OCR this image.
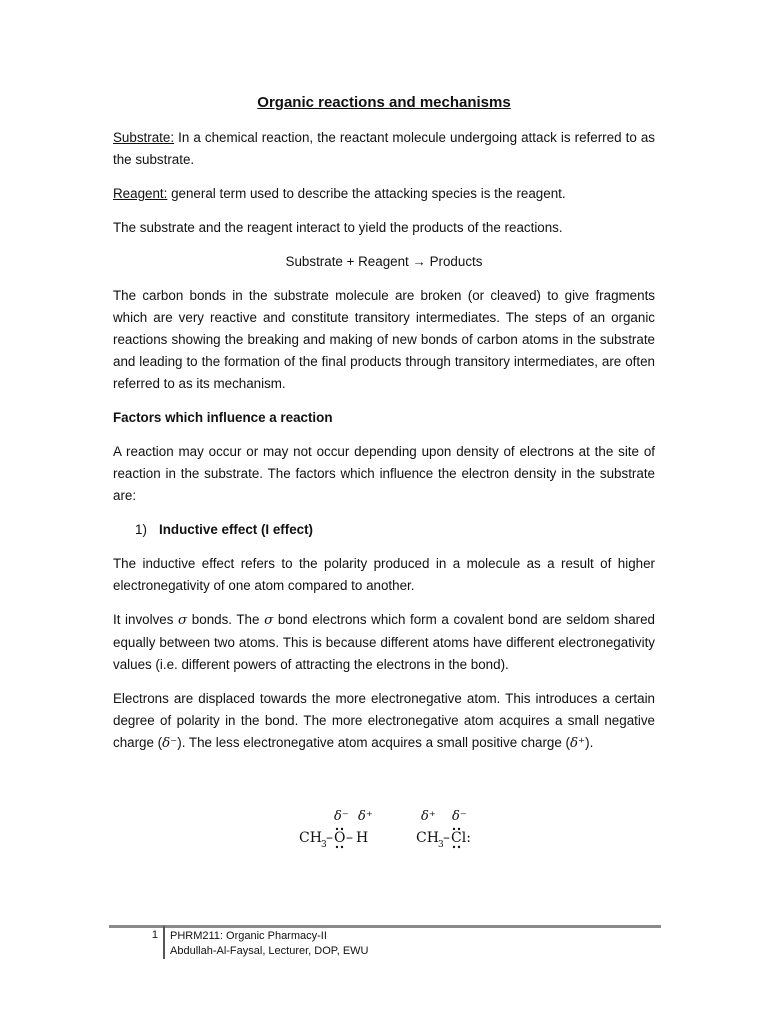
Organic reactions and mechanisms

Substrate: In a chemical reaction, the reactant molecule undergoing attack is referred to as the substrate.

Reagent: general term used to describe the attacking species is the reagent.

The substrate and the reagent interact to yield the products of the reactions.

Substrate + Reagent → Products

The carbon bonds in the substrate molecule are broken (or cleaved) to give fragments which are very reactive and constitute transitory intermediates. The steps of an organic reactions showing the breaking and making of new bonds of carbon atoms in the substrate and leading to the formation of the final products through transitory intermediates, are often referred to as its mechanism.

Factors which influence a reaction

A reaction may occur or may not occur depending upon density of electrons at the site of reaction in the substrate. The factors which influence the electron density in the substrate are:

1) Inductive effect (I effect)

The inductive effect refers to the polarity produced in a molecule as a result of higher electronegativity of one atom compared to another.

It involves σ bonds. The σ bond electrons which form a covalent bond are seldom shared equally between two atoms. This is because different atoms have different electronegativity values (i.e. different powers of attracting the electrons in the bond).

Electrons are displaced towards the more electronegative atom. This introduces a certain degree of polarity in the bond. The more electronegative atom acquires a small negative charge (δ⁻). The less electronegative atom acquires a small positive charge (δ⁺).

δ⁻ δ⁺
CH 3 – O – H
δ⁺ δ⁻
CH 3 – Cl:
1 PHRM211: Organic Pharmacy-II
Abdullah-Al-Faysal, Lecturer, DOP, EWU
